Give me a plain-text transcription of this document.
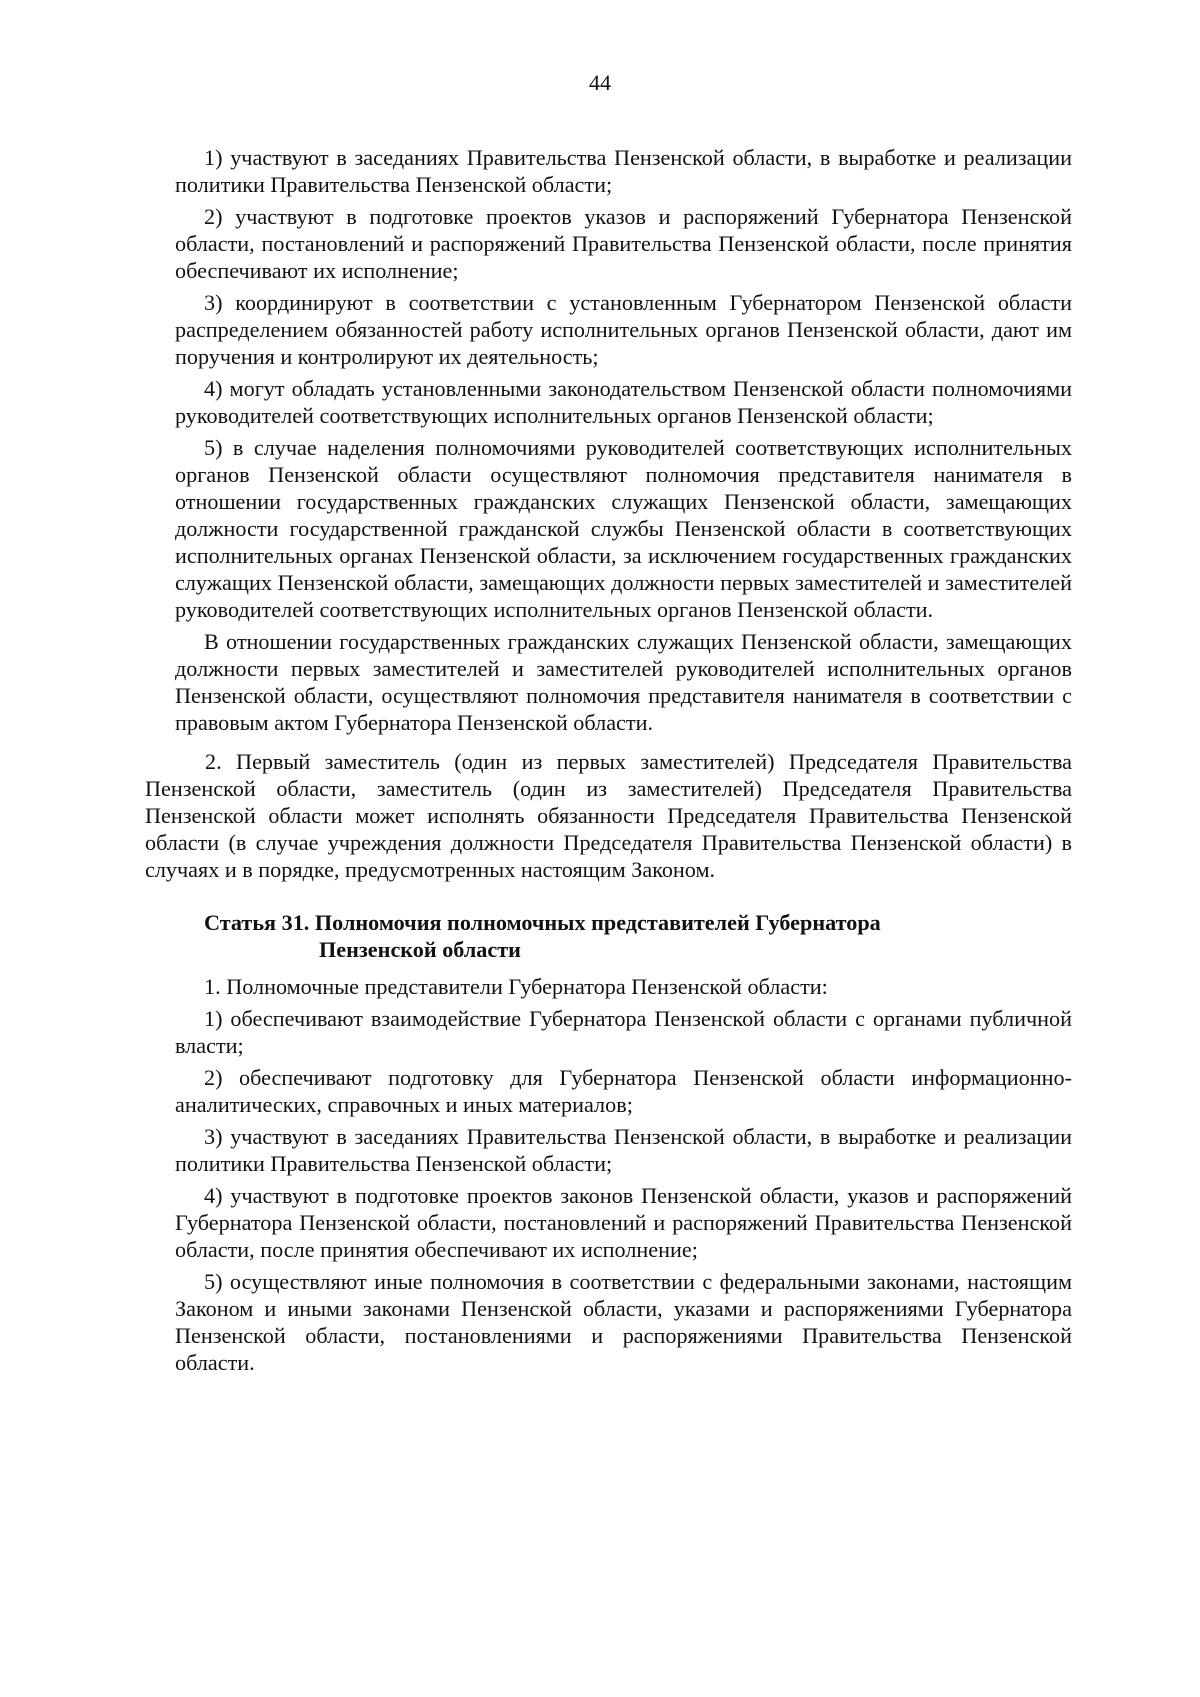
44

1) участвуют в заседаниях Правительства Пензенской области, в выработке и реализации политики Правительства Пензенской области;

2) участвуют в подготовке проектов указов и распоряжений Губернатора Пензенской области, постановлений и распоряжений Правительства Пензенской области, после принятия обеспечивают их исполнение;

3) координируют в соответствии с установленным Губернатором Пензенской области распределением обязанностей работу исполнительных органов Пензенской области, дают им поручения и контролируют их деятельность;

4) могут обладать установленными законодательством Пензенской области полномочиями руководителей соответствующих исполнительных органов Пензенской области;

5) в случае наделения полномочиями руководителей соответствующих исполнительных органов Пензенской области осуществляют полномочия представителя нанимателя в отношении государственных гражданских служащих Пензенской области, замещающих должности государственной гражданской службы Пензенской области в соответствующих исполнительных органах Пензенской области, за исключением государственных гражданских служащих Пензенской области, замещающих должности первых заместителей и заместителей руководителей соответствующих исполнительных органов Пензенской области.

В отношении государственных гражданских служащих Пензенской области, замещающих должности первых заместителей и заместителей руководителей исполнительных органов Пензенской области, осуществляют полномочия представителя нанимателя в соответствии с правовым актом Губернатора Пензенской области.

2. Первый заместитель (один из первых заместителей) Председателя Правительства Пензенской области, заместитель (один из заместителей) Председателя Правительства Пензенской области может исполнять обязанности Председателя Правительства Пензенской области (в случае учреждения должности Председателя Правительства Пензенской области) в случаях и в порядке, предусмотренных настоящим Законом.

Статья 31. Полномочия полномочных представителей Губернатора
Пензенской области

1. Полномочные представители Губернатора Пензенской области:

1) обеспечивают взаимодействие Губернатора Пензенской области с органами публичной власти;

2) обеспечивают подготовку для Губернатора Пензенской области информационно-аналитических, справочных и иных материалов;

3) участвуют в заседаниях Правительства Пензенской области, в выработке и реализации политики Правительства Пензенской области;

4) участвуют в подготовке проектов законов Пензенской области, указов и распоряжений Губернатора Пензенской области, постановлений и распоряжений Правительства Пензенской области, после принятия обеспечивают их исполнение;

5) осуществляют иные полномочия в соответствии с федеральными законами, настоящим Законом и иными законами Пензенской области, указами и распоряжениями Губернатора Пензенской области, постановлениями и распоряжениями Правительства Пензенской области.
